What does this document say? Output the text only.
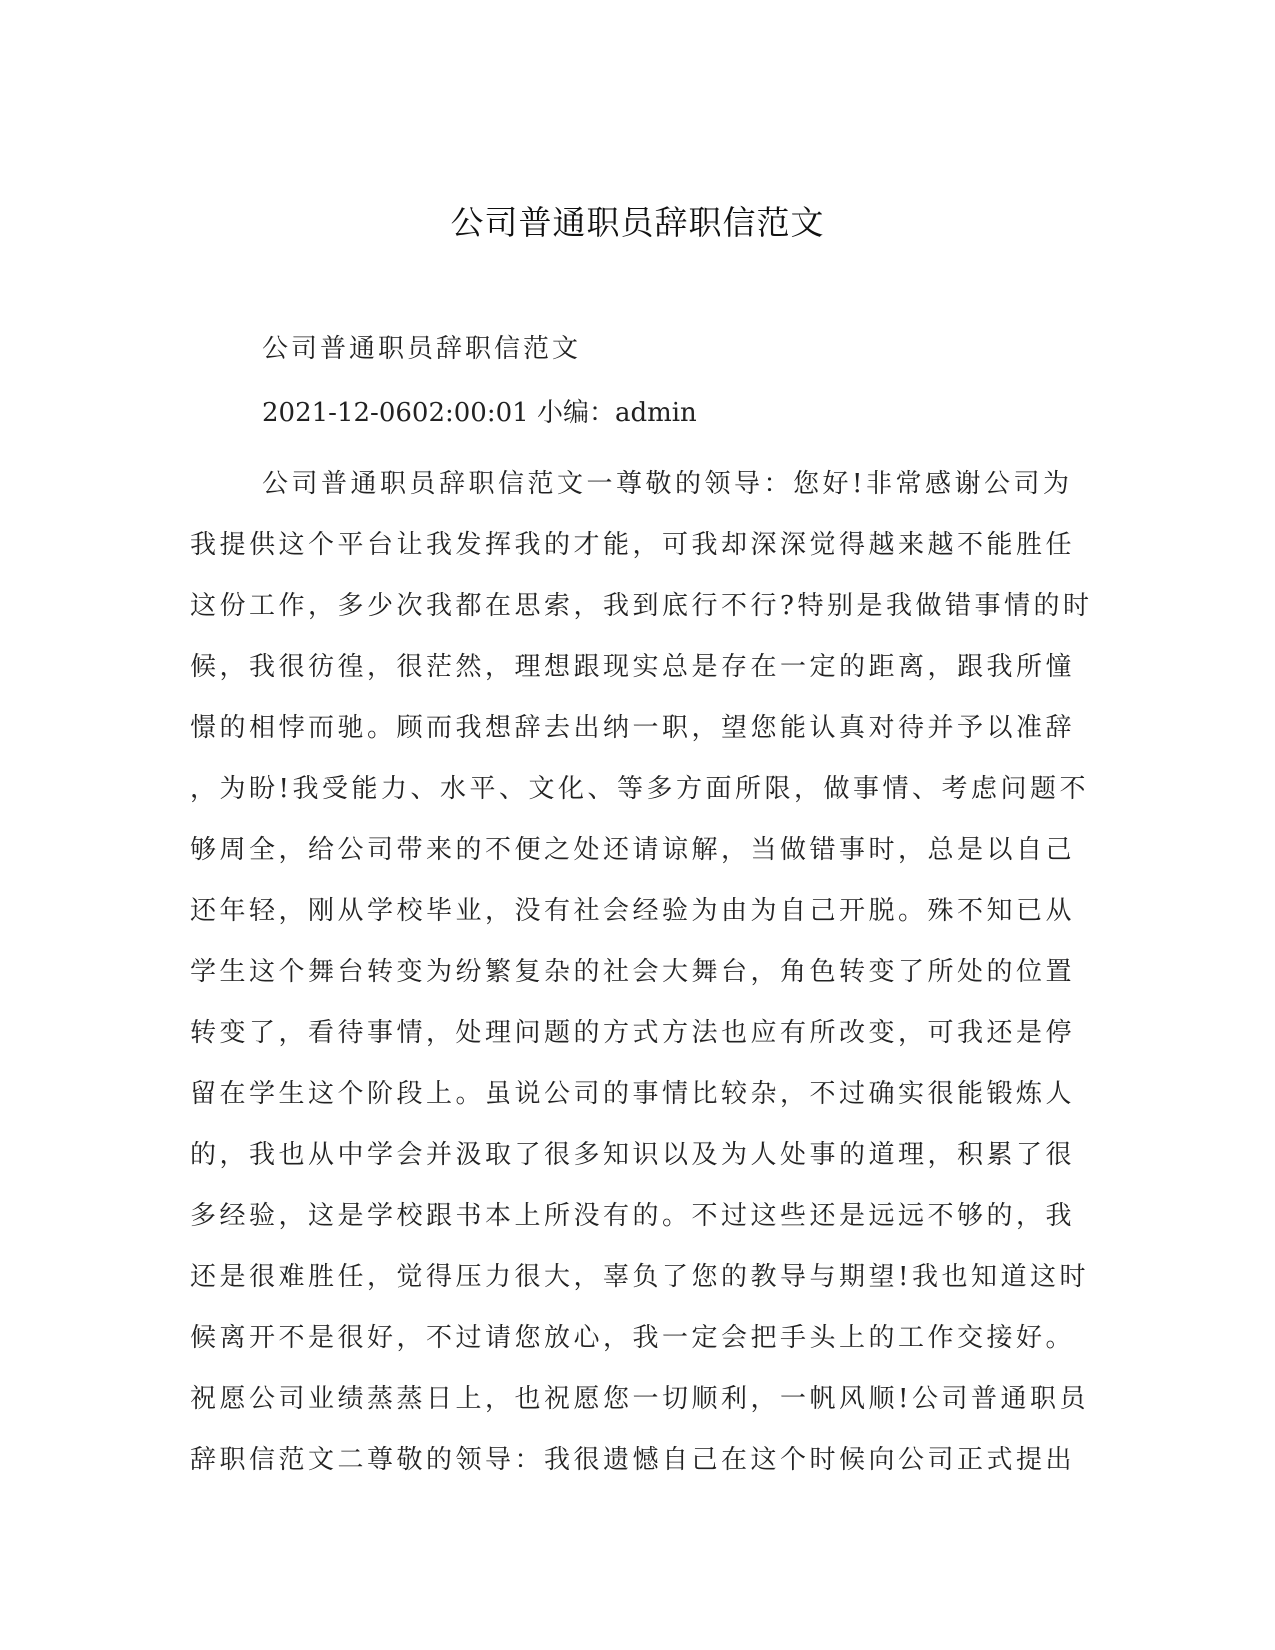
公司普通职员辞职信范文
公司普通职员辞职信范文
2021-12-0602:00:01 小编：admin
公司普通职员辞职信范文一尊敬的领导：您好!非常感谢公司为
我提供这个平台让我发挥我的才能，可我却深深觉得越来越不能胜任
这份工作，多少次我都在思索，我到底行不行?特别是我做错事情的时
候，我很彷徨，很茫然，理想跟现实总是存在一定的距离，跟我所憧
憬的相悖而驰。顾而我想辞去出纳一职，望您能认真对待并予以准辞
，为盼!我受能力、水平、文化、等多方面所限，做事情、考虑问题不
够周全，给公司带来的不便之处还请谅解，当做错事时，总是以自己
还年轻，刚从学校毕业，没有社会经验为由为自己开脱。殊不知已从
学生这个舞台转变为纷繁复杂的社会大舞台，角色转变了所处的位置
转变了，看待事情，处理问题的方式方法也应有所改变，可我还是停
留在学生这个阶段上。虽说公司的事情比较杂，不过确实很能锻炼人
的，我也从中学会并汲取了很多知识以及为人处事的道理，积累了很
多经验，这是学校跟书本上所没有的。不过这些还是远远不够的，我
还是很难胜任，觉得压力很大，辜负了您的教导与期望!我也知道这时
候离开不是很好，不过请您放心，我一定会把手头上的工作交接好。
祝愿公司业绩蒸蒸日上，也祝愿您一切顺利，一帆风顺!公司普通职员
辞职信范文二尊敬的领导：我很遗憾自己在这个时候向公司正式提出
